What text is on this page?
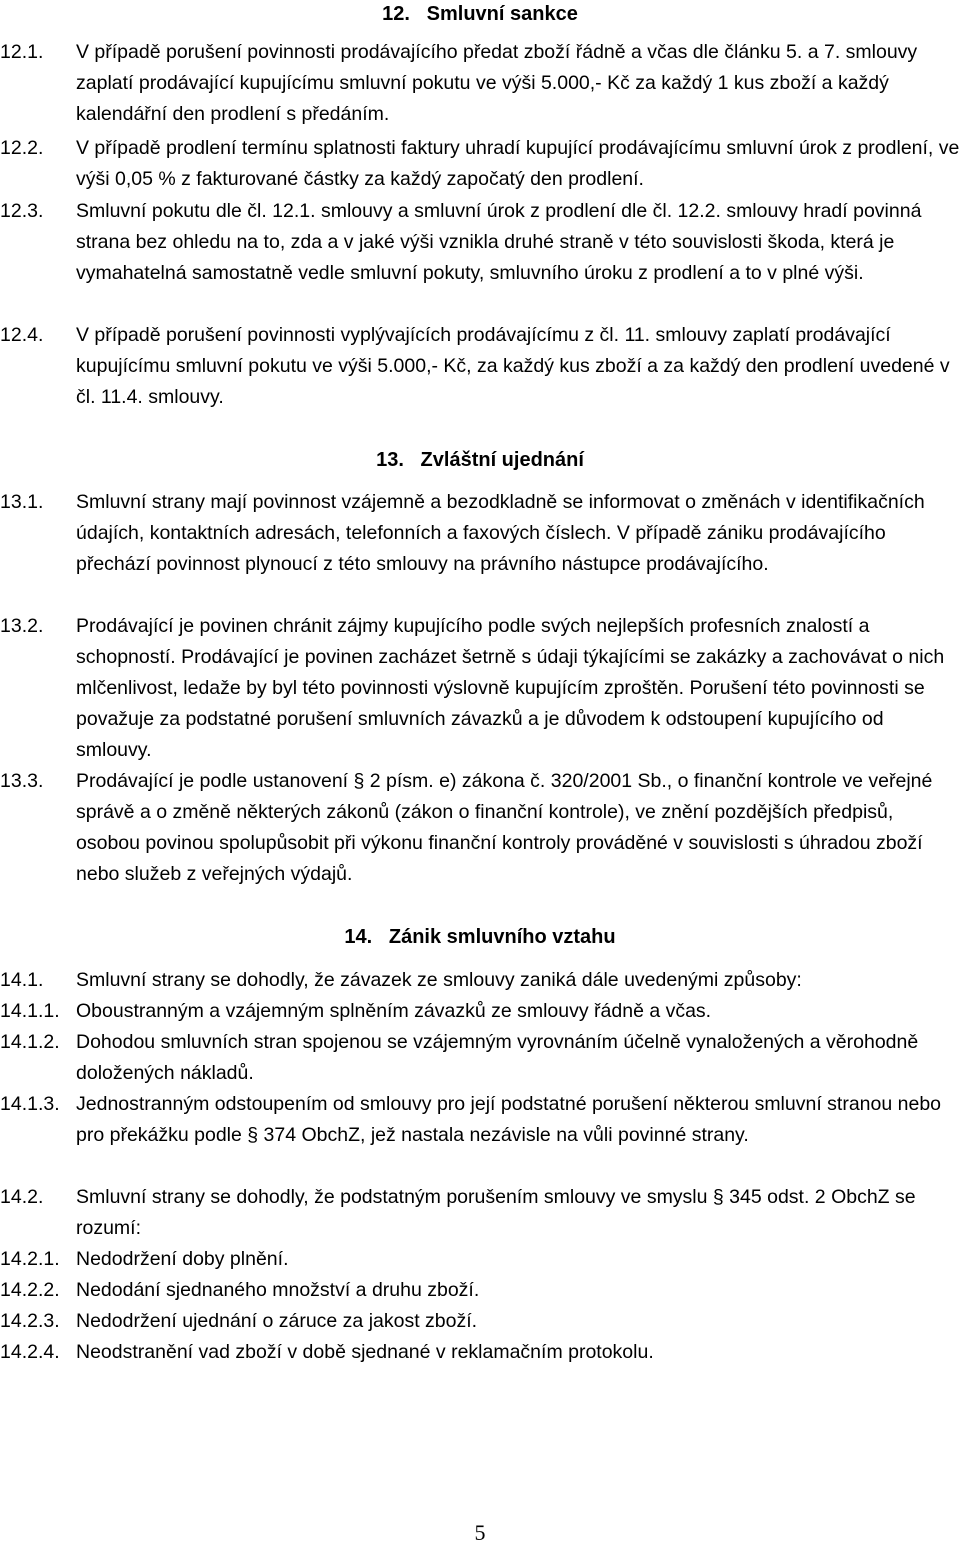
12.   Smluvní sankce
12.1. V případě porušení povinnosti prodávajícího předat zboží řádně a včas dle článku 5. a 7. smlouvy zaplatí prodávající kupujícímu smluvní pokutu ve výši 5.000,- Kč za každý 1 kus zboží a každý kalendářní den prodlení s předáním.
12.2. V případě prodlení termínu splatnosti faktury uhradí kupující prodávajícímu smluvní úrok z prodlení, ve výši 0,05 % z fakturované částky za každý započatý den prodlení.
12.3. Smluvní pokutu dle čl. 12.1. smlouvy a smluvní úrok z prodlení dle čl. 12.2. smlouvy hradí povinná strana bez ohledu na to, zda a v jaké výši vznikla druhé straně v této souvislosti škoda, která je vymahatelná samostatně vedle smluvní pokuty, smluvního úroku z prodlení a to v plné výši.
12.4. V případě porušení povinnosti vyplývajících prodávajícímu z čl. 11. smlouvy zaplatí prodávající kupujícímu smluvní pokutu ve výši 5.000,- Kč, za každý kus zboží a za každý den prodlení uvedené v čl. 11.4. smlouvy.
13.   Zvláštní ujednání
13.1. Smluvní strany mají povinnost vzájemně a bezodkladně se informovat o změnách v identifikačních údajích, kontaktních adresách, telefonních a faxových číslech. V případě zániku prodávajícího přechází povinnost plynoucí z této smlouvy na právního nástupce prodávajícího.
13.2. Prodávající je povinen chránit zájmy kupujícího podle svých nejlepších profesních znalostí a schopností. Prodávající je povinen zacházet šetrně s údaji týkajícími se zakázky a zachovávat o nich mlčenlivost, ledaže by byl této povinnosti výslovně kupujícím zproštěn. Porušení této povinnosti se považuje za podstatné porušení smluvních závazků a je důvodem k odstoupení kupujícího od smlouvy.
13.3. Prodávající je podle ustanovení § 2 písm. e) zákona č. 320/2001 Sb., o finanční kontrole ve veřejné správě a o změně některých zákonů (zákon o finanční kontrole), ve znění pozdějších předpisů, osobou povinou spolupůsobit při výkonu finanční kontroly prováděné v souvislosti s úhradou zboží nebo služeb z veřejných výdajů.
14.   Zánik smluvního vztahu
14.1. Smluvní strany se dohodly, že závazek ze smlouvy zaniká dále uvedenými způsoby:
14.1.1. Oboustranným a vzájemným splněním závazků ze smlouvy řádně a včas.
14.1.2. Dohodou smluvních stran spojenou se vzájemným vyrovnáním účelně vynaložených a věrohodně doložených nákladů.
14.1.3. Jednostranným odstoupením od smlouvy pro její podstatné porušení některou smluvní stranou nebo pro překážku podle § 374 ObchZ, jež nastala nezávisle na vůli povinné strany.
14.2. Smluvní strany se dohodly, že podstatným porušením smlouvy ve smyslu § 345 odst. 2 ObchZ se rozumí:
14.2.1. Nedodržení doby plnění.
14.2.2. Nedodání sjednaného množství a druhu zboží.
14.2.3. Nedodržení ujednání o záruce za jakost zboží.
14.2.4. Neodstranění vad zboží v době sjednané v reklamačním protokolu.
5
